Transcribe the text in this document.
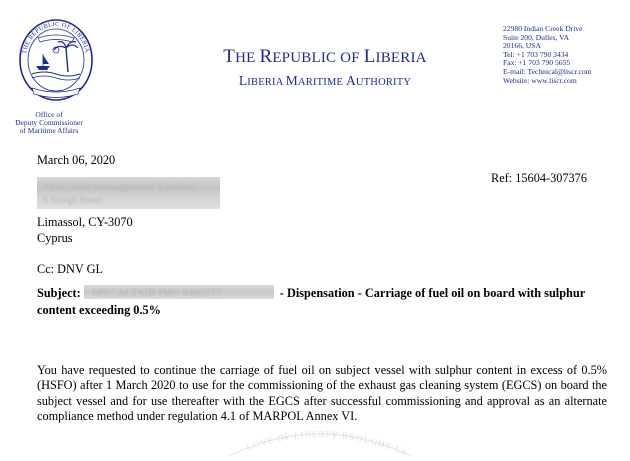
THE REPUBLIC OF LIBERIA
Office of
Deputy Commissioner
of Maritime Affairs
THE REPUBLIC OF LIBERIA
LIBERIA MARITIME AUTHORITY
22980 Indian Creek Drive
Suite 200, Dulles, VA
20166, USA
Tel: +1 703 790 3434
Fax: +1 703 790 5655
E-mail: Technical@liscr.com
Website: www.liscr.com
March 06, 2020
Ref: 15604-307376
MSC Shipmanagement Limited
6 Sinopi Street
Limassol, CY-3070
Cyprus
Cc: DNV GL
Subject: MSC ALTAIR IMO 9465277	- Dispensation - Carriage of fuel oil on board with sulphur content exceeding 0.5%

You have requested to continue the carriage of fuel oil on subject vessel with sulphur content in excess of 0.5% (HSFO) after 1 March 2020 to use for the commissioning of the exhaust gas cleaning system (EGCS) on board the subject vessel and for use thereafter with the EGCS after successful commissioning and approval as an alternate compliance method under regulation 4.1 of MARPOL Annex VI.

LOVE OF LIBERTY BROUGHT US
